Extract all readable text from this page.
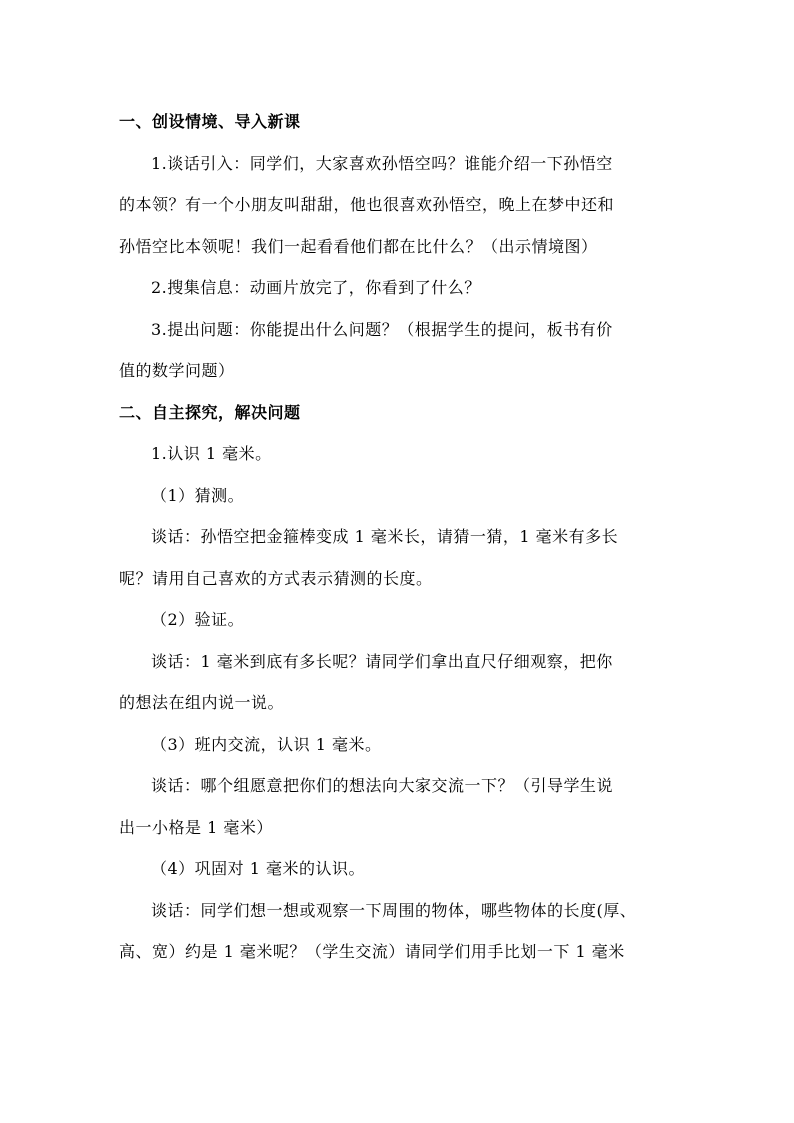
一、创设情境、导入新课
1.谈话引入：同学们，大家喜欢孙悟空吗？谁能介绍一下孙悟空
的本领？有一个小朋友叫甜甜，他也很喜欢孙悟空，晚上在梦中还和
孙悟空比本领呢！我们一起看看他们都在比什么？（出示情境图）
2.搜集信息：动画片放完了，你看到了什么？
3.提出问题：你能提出什么问题？（根据学生的提问，板书有价
值的数学问题）
二、自主探究，解决问题
1.认识 1 毫米。
（1）猜测。
谈话：孙悟空把金箍棒变成 1 毫米长，请猜一猜，1 毫米有多长
呢？请用自己喜欢的方式表示猜测的长度。
（2）验证。
谈话：1 毫米到底有多长呢？请同学们拿出直尺仔细观察，把你
的想法在组内说一说。
（3）班内交流，认识 1 毫米。
谈话：哪个组愿意把你们的想法向大家交流一下？（引导学生说
出一小格是 1 毫米）
（4）巩固对 1 毫米的认识。
谈话：同学们想一想或观察一下周围的物体，哪些物体的长度(厚、
高、宽）约是 1 毫米呢？（学生交流）请同学们用手比划一下 1 毫米
